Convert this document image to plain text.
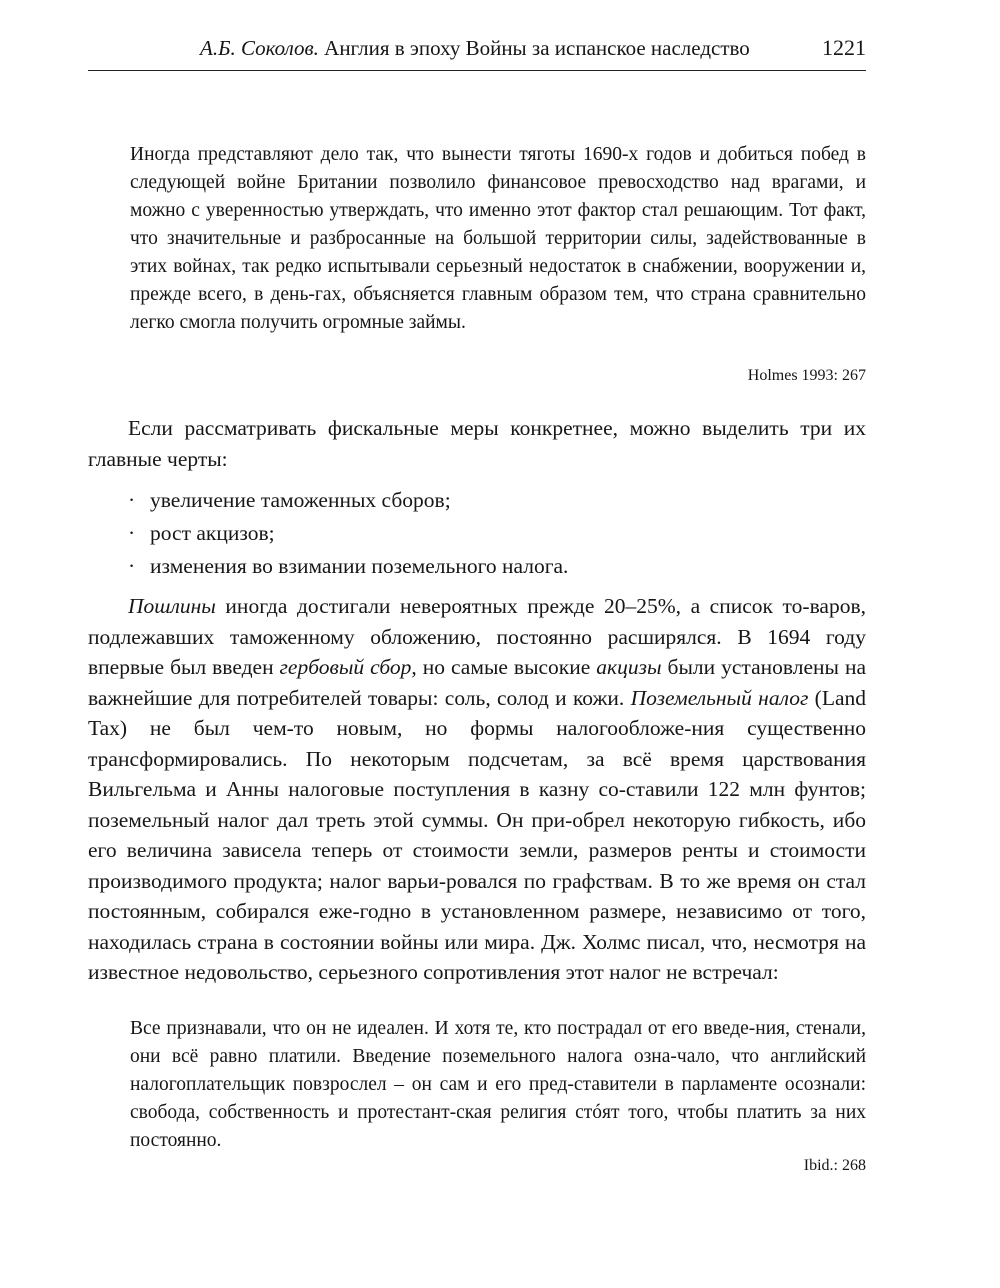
А.Б. Соколов. Англия в эпоху Войны за испанское наследство	1221

Иногда представляют дело так, что вынести тяготы 1690-х годов и добиться побед в следующей войне Британии позволило финансовое превосходство над врагами, и можно с уверенностью утверждать, что именно этот фактор стал решающим. Тот факт, что значительные и разбросанные на большой территории силы, задействованные в этих войнах, так редко испытывали серьезный недостаток в снабжении, вооружении и, прежде всего, в день-гах, объясняется главным образом тем, что страна сравнительно легко смогла получить огромные займы.

Holmes 1993: 267

Если рассматривать фискальные меры конкретнее, можно выделить три их главные черты:

· увеличение таможенных сборов;
· рост акцизов;
· изменения во взимании поземельного налога.

Пошлины иногда достигали невероятных прежде 20–25%, а список то-варов, подлежавших таможенному обложению, постоянно расширялся. В 1694 году впервые был введен гербовый сбор, но самые высокие акцизы были установлены на важнейшие для потребителей товары: соль, солод и кожи. Поземельный налог (Land Tax) не был чем-то новым, но формы налогообложе-ния существенно трансформировались. По некоторым подсчетам, за всё время царствования Вильгельма и Анны налоговые поступления в казну со-ставили 122 млн фунтов; поземельный налог дал треть этой суммы. Он при-обрел некоторую гибкость, ибо его величина зависела теперь от стоимости земли, размеров ренты и стоимости производимого продукта; налог варьи-ровался по графствам. В то же время он стал постоянным, собирался еже-годно в установленном размере, независимо от того, находилась страна в состоянии войны или мира. Дж. Холмс писал, что, несмотря на известное недовольство, серьезного сопротивления этот налог не встречал:

Все признавали, что он не идеален. И хотя те, кто пострадал от его введе-ния, стенали, они всё равно платили. Введение поземельного налога озна-чало, что английский налогоплательщик повзрослел – он сам и его пред-ставители в парламенте осознали: свобода, собственность и протестант-ская религия стóят того, чтобы платить за них постоянно.

Ibid.: 268
